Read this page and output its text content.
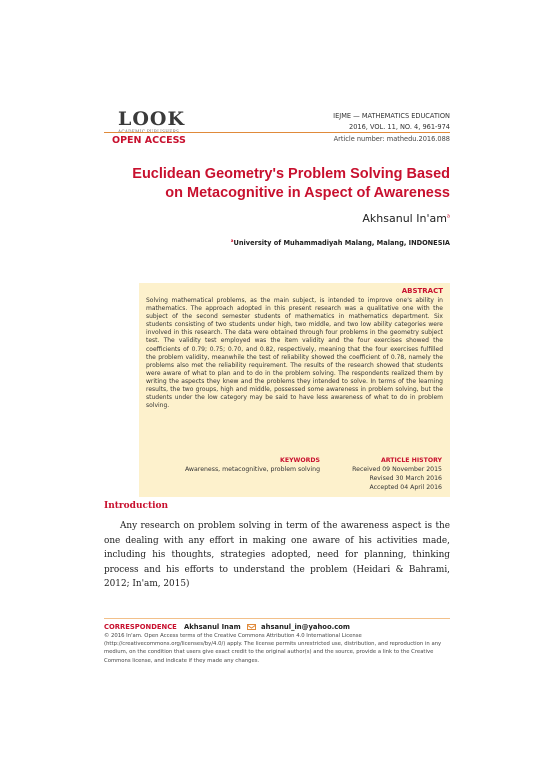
LOOK
ACADEMIC PUBLISHERS
OPEN ACCESS
IEJME — MATHEMATICS EDUCATION
2016, VOL. 11, NO. 4, 961-974
Article number: mathedu.2016.088
Euclidean Geometry's Problem Solving Based on Metacognitive in Aspect of Awareness
Akhsanul $In'am^a$
$^a$University of Muhammadiyah Malang, Malang, INDONESIA
ABSTRACT
Solving mathematical problems, as the main subject, is intended to improve one's ability in mathematics. The approach adopted in this present research was a qualitative one with the subject of the second semester students of mathematics in mathematics department. Six students consisting of two students under high, two middle, and two low ability categories were involved in this research. The data were obtained through four problems in the geometry subject test. The validity test employed was the item validity and the four exercises showed the coefficients of 0.79; 0.75; 0.70, and 0.82, respectively, meaning that the four exercises fulfilled the problem validity, meanwhile the test of reliability showed the coefficient of 0.78, namely the problems also met the reliability requirement. The results of the research showed that students were aware of what to plan and to do in the problem solving. The respondents realized them by writing the aspects they knew and the problems they intended to solve. In terms of the learning results, the two groups, high and middle, possessed some awareness in problem solving, but the students under the low category may be said to have less awareness of what to do in problem solving.
KEYWORDS
Awareness, metacognitive, problem solving
ARTICLE HISTORY
Received 09 November 2015
Revised 30 March 2016
Accepted 04 April 2016
Introduction
Any research on problem solving in term of the awareness aspect is the one dealing with any effort in making one aware of his activities made, including his thoughts, strategies adopted, need for planning, thinking process and his efforts to understand the problem (Heidari & Bahrami, 2012; In'am, 2015)
CORRESPONDENCE Akhsanul Inam	ahsanul_in@yahoo.com
© 2016 In'am. Open Access terms of the Creative Commons Attribution 4.0 International License (http://creativecommons.org/licenses/by/4.0/) apply. The license permits unrestricted use, distribution, and reproduction in any medium, on the condition that users give exact credit to the original author(s) and the source, provide a link to the Creative Commons license, and indicate if they made any changes.
